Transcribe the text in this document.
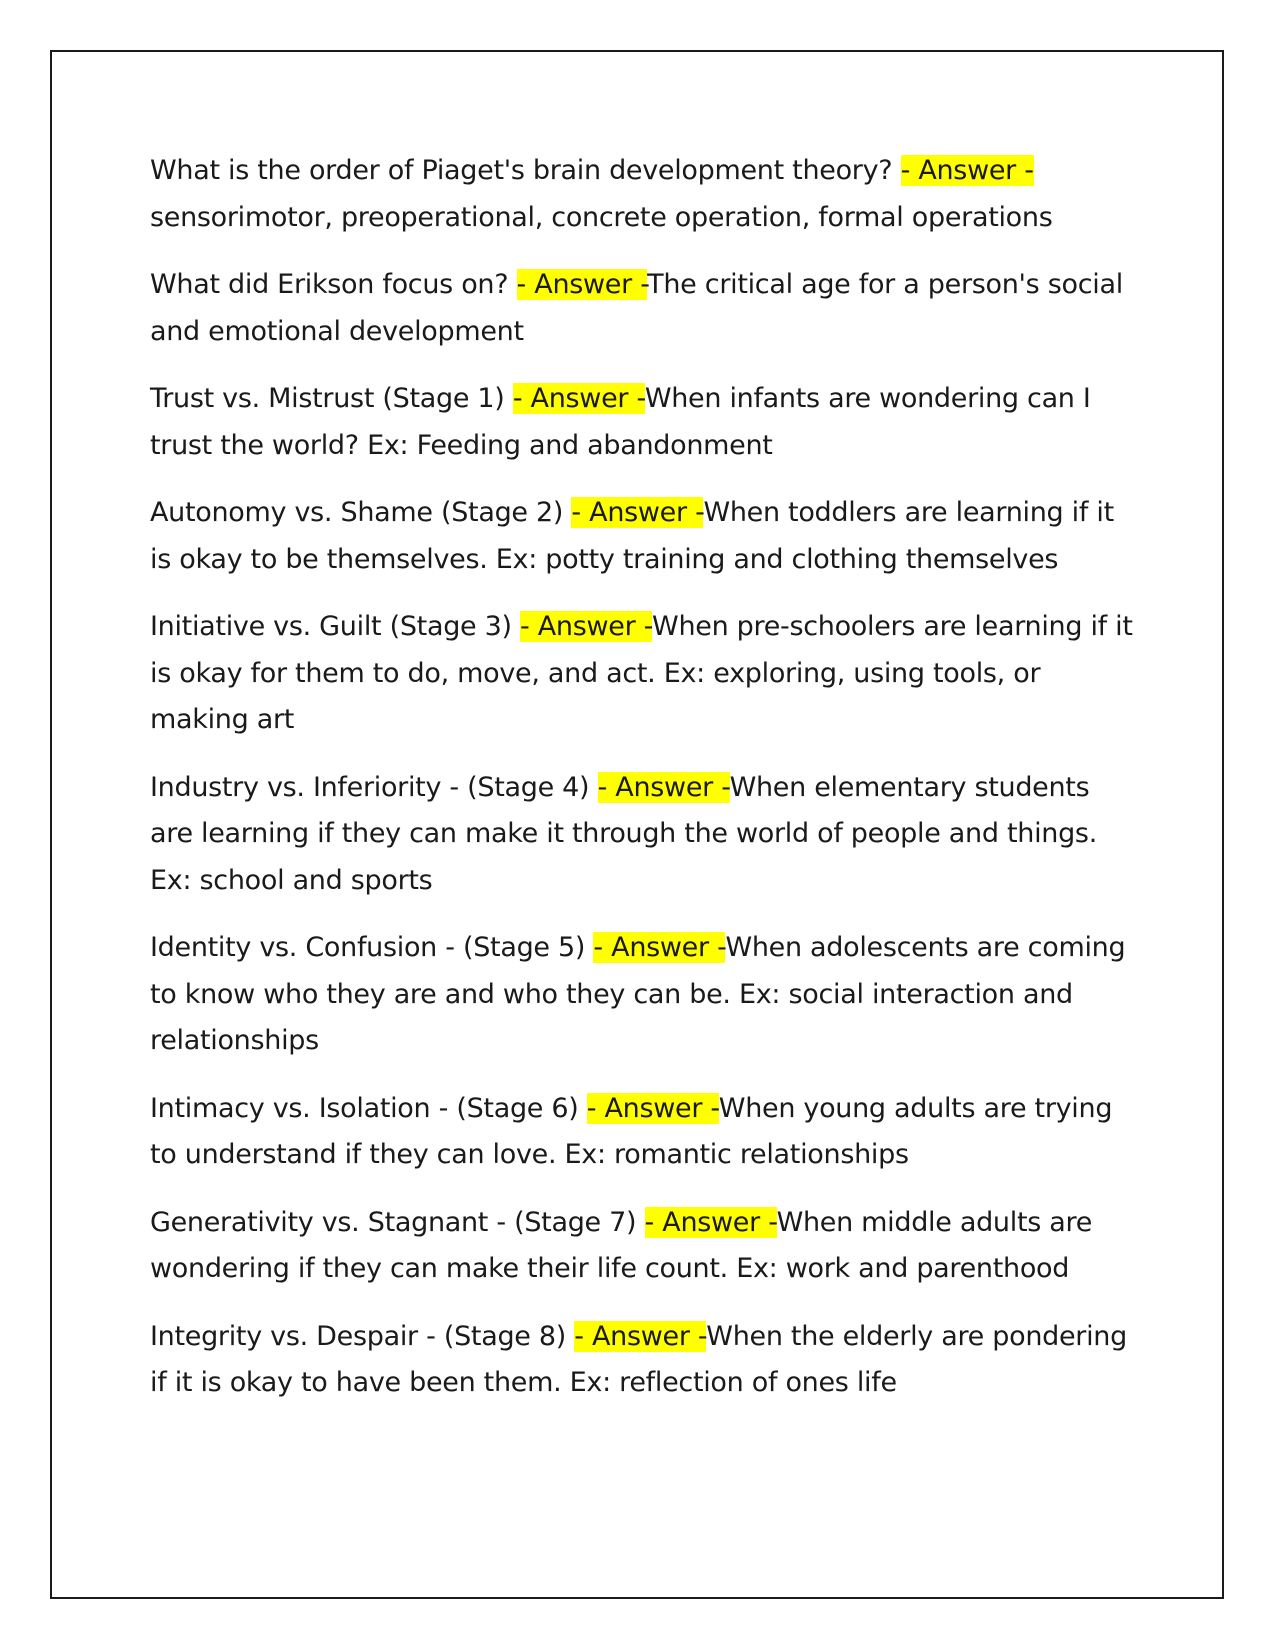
What is the order of Piaget's brain development theory? - Answer - sensorimotor, preoperational, concrete operation, formal operations

What did Erikson focus on? - Answer -The critical age for a person's social and emotional development

Trust vs. Mistrust (Stage 1) - Answer -When infants are wondering can I trust the world? Ex: Feeding and abandonment

Autonomy vs. Shame (Stage 2) - Answer -When toddlers are learning if it is okay to be themselves. Ex: potty training and clothing themselves

Initiative vs. Guilt (Stage 3) - Answer -When pre-schoolers are learning if it is okay for them to do, move, and act. Ex: exploring, using tools, or making art

Industry vs. Inferiority - (Stage 4) - Answer -When elementary students are learning if they can make it through the world of people and things. Ex: school and sports

Identity vs. Confusion - (Stage 5) - Answer -When adolescents are coming to know who they are and who they can be. Ex: social interaction and relationships

Intimacy vs. Isolation - (Stage 6) - Answer -When young adults are trying to understand if they can love. Ex: romantic relationships

Generativity vs. Stagnant - (Stage 7) - Answer -When middle adults are wondering if they can make their life count. Ex: work and parenthood

Integrity vs. Despair - (Stage 8) - Answer -When the elderly are pondering if it is okay to have been them. Ex: reflection of ones life
